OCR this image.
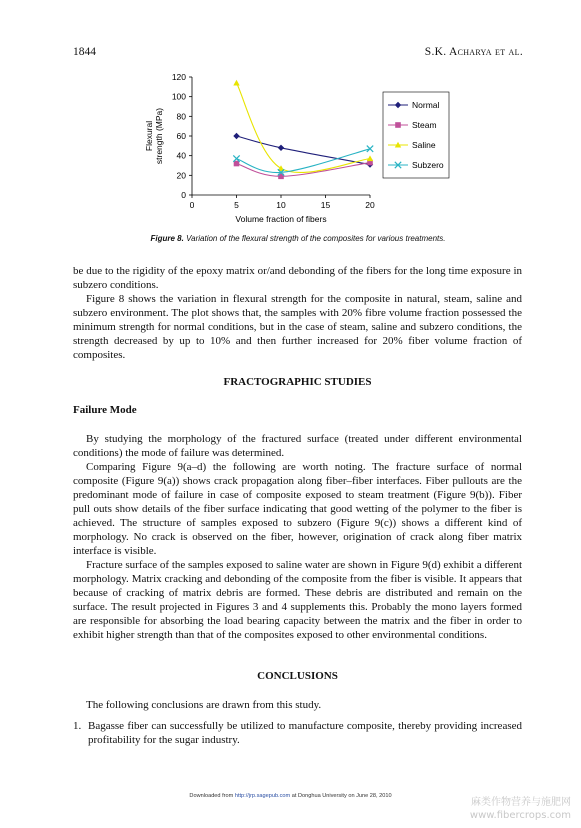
1844	S.K. Acharya et al.
0
20
40
60
80
100
120
0	5	10	15	20
Volume fraction of fibers
Flexural strength (MPa)
Normal
Steam
Saline
Subzero
Figure 8. Variation of the flexural strength of the composites for various treatments.
be due to the rigidity of the epoxy matrix or/and debonding of the fibers for the long time exposure in subzero conditions.
Figure 8 shows the variation in flexural strength for the composite in natural, steam, saline and subzero environment. The plot shows that, the samples with 20% fibre volume fraction possessed the minimum strength for normal conditions, but in the case of steam, saline and subzero conditions, the strength decreased by up to 10% and then further increased for 20% fiber volume fraction of composites.
FRACTOGRAPHIC STUDIES
Failure Mode
By studying the morphology of the fractured surface (treated under different environmental conditions) the mode of failure was determined.
Comparing Figure 9(a–d) the following are worth noting. The fracture surface of normal composite (Figure 9(a)) shows crack propagation along fiber–fiber interfaces. Fiber pullouts are the predominant mode of failure in case of composite exposed to steam treatment (Figure 9(b)). Fiber pull outs show details of the fiber surface indicating that good wetting of the polymer to the fiber is achieved. The structure of samples exposed to subzero (Figure 9(c)) shows a different kind of morphology. No crack is observed on the fiber, however, origination of crack along fiber matrix interface is visible.
Fracture surface of the samples exposed to saline water are shown in Figure 9(d) exhibit a different morphology. Matrix cracking and debonding of the composite from the fiber is visible. It appears that because of cracking of matrix debris are formed. These debris are distributed and remain on the surface. The result projected in Figures 3 and 4 supplements this. Probably the mono layers formed are responsible for absorbing the load bearing capacity between the matrix and the fiber in order to exhibit higher strength than that of the composites exposed to other environmental conditions.
CONCLUSIONS
The following conclusions are drawn from this study.
1. Bagasse fiber can successfully be utilized to manufacture composite, thereby providing increased profitability for the sugar industry.
Downloaded from http://jrp.sagepub.com at Donghua University on June 28, 2010
麻类作物营养与施肥网
www.fibercrops.com
